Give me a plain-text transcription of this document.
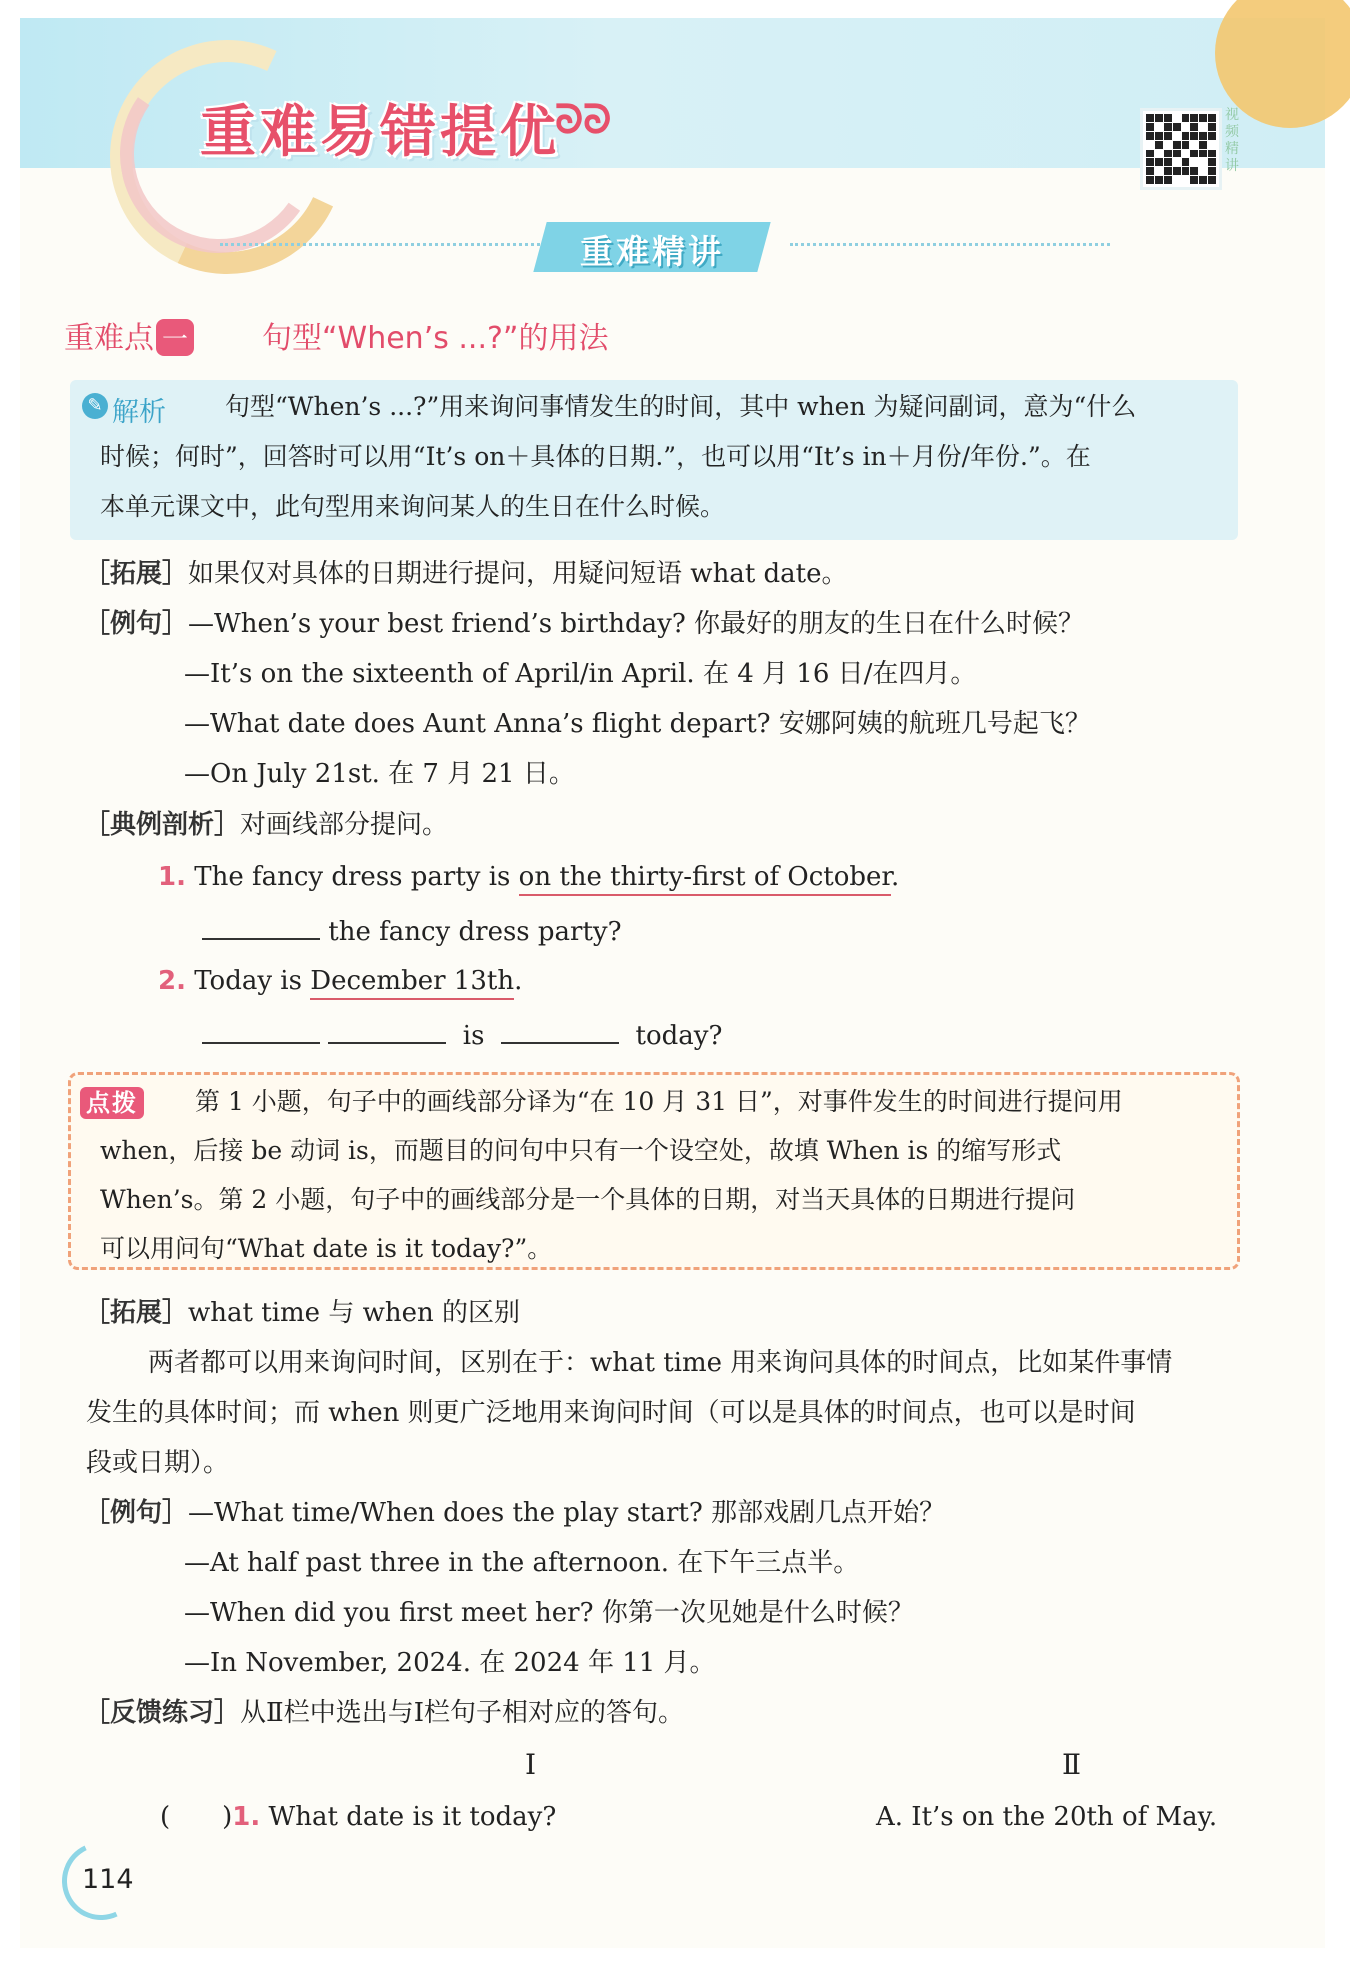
重难易错提优
ᘐᘐ	视频精讲
重难精讲
重难点 一 句型“When’s ...?”的用法
✎ 解析 句型“When’s ...?”用来询问事情发生的时间，其中 when 为疑问副词，意为“什么
时候；何时”，回答时可以用“It’s on＋具体的日期.”，也可以用“It’s in＋月份/年份.”。在
本单元课文中，此句型用来询问某人的生日在什么时候。
［拓展］如果仅对具体的日期进行提问，用疑问短语 what date。
［例句］—When’s your best friend’s birthday? 你最好的朋友的生日在什么时候？
—It’s on the sixteenth of April/in April. 在 4 月 16 日/在四月。
—What date does Aunt Anna’s flight depart? 安娜阿姨的航班几号起飞？
—On July 21st. 在 7 月 21 日。
［典例剖析］对画线部分提问。
1. The fancy dress party is on the thirty-first of October.
the fancy dress party?
2. Today is December 13th.
is	today?
点拨 第 1 小题，句子中的画线部分译为“在 10 月 31 日”，对事件发生的时间进行提问用
when，后接 be 动词 is，而题目的问句中只有一个设空处，故填 When is 的缩写形式
When’s。第 2 小题，句子中的画线部分是一个具体的日期，对当天具体的日期进行提问
可以用问句“What date is it today?”。
［拓展］what time 与 when 的区别
两者都可以用来询问时间，区别在于：what time 用来询问具体的时间点，比如某件事情
发生的具体时间；而 when 则更广泛地用来询问时间（可以是具体的时间点，也可以是时间
段或日期）。
［例句］—What time/When does the play start? 那部戏剧几点开始？
—At half past three in the afternoon. 在下午三点半。
—When did you first meet her? 你第一次见她是什么时候？
—In November, 2024. 在 2024 年 11 月。
［反馈练习］从Ⅱ栏中选出与Ⅰ栏句子相对应的答句。
Ⅰ	Ⅱ
(　　)1. What date is it today?	A. It’s on the 20th of May.
114
